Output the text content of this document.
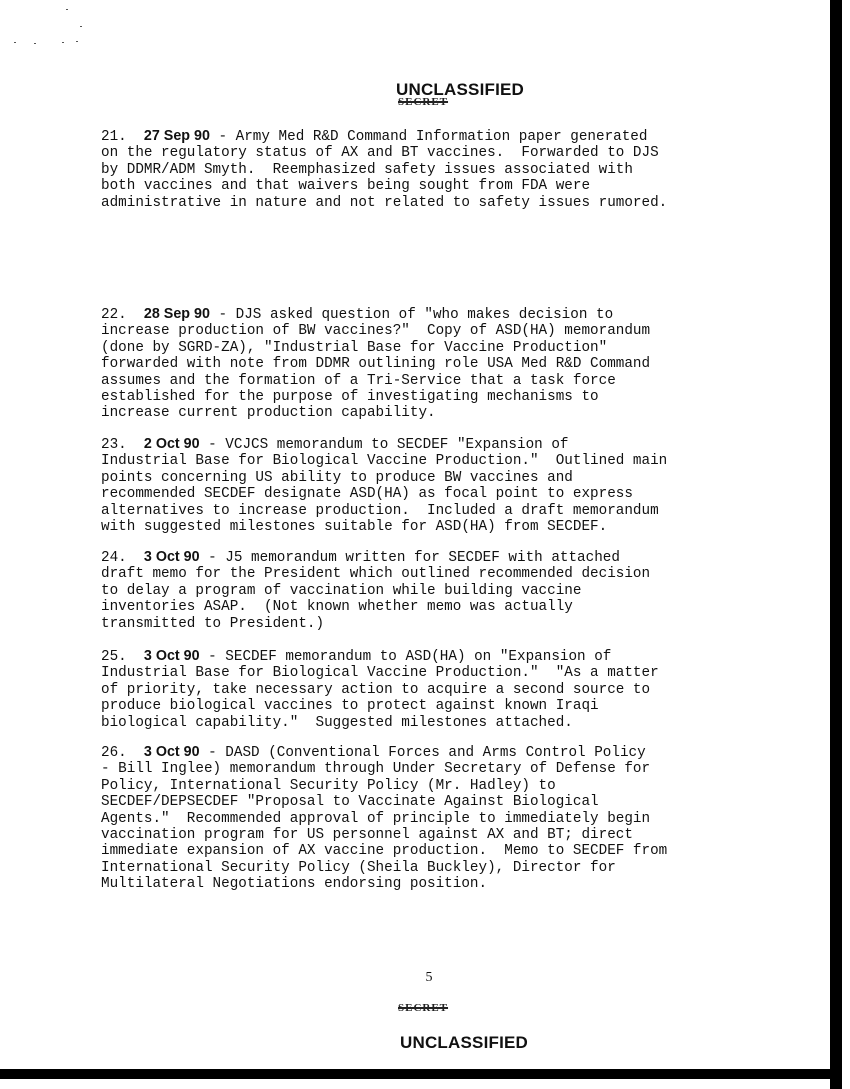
UNCLASSIFIED
SECRET
21. 27 Sep 90 - Army Med R&D Command Information paper generated
on the regulatory status of AX and BT vaccines.  Forwarded to DJS
by DDMR/ADM Smyth.  Reemphasized safety issues associated with
both vaccines and that waivers being sought from FDA were
administrative in nature and not related to safety issues rumored.
22. 28 Sep 90 - DJS asked question of "who makes decision to
increase production of BW vaccines?"  Copy of ASD(HA) memorandum
(done by SGRD-ZA), "Industrial Base for Vaccine Production"
forwarded with note from DDMR outlining role USA Med R&D Command
assumes and the formation of a Tri-Service that a task force
established for the purpose of investigating mechanisms to
increase current production capability.
23. 2 Oct 90 - VCJCS memorandum to SECDEF "Expansion of
Industrial Base for Biological Vaccine Production."  Outlined main
points concerning US ability to produce BW vaccines and
recommended SECDEF designate ASD(HA) as focal point to express
alternatives to increase production.  Included a draft memorandum
with suggested milestones suitable for ASD(HA) from SECDEF.
24. 3 Oct 90 - J5 memorandum written for SECDEF with attached
draft memo for the President which outlined recommended decision
to delay a program of vaccination while building vaccine
inventories ASAP.  (Not known whether memo was actually
transmitted to President.)
25. 3 Oct 90 - SECDEF memorandum to ASD(HA) on "Expansion of
Industrial Base for Biological Vaccine Production."  "As a matter
of priority, take necessary action to acquire a second source to
produce biological vaccines to protect against known Iraqi
biological capability."  Suggested milestones attached.
26. 3 Oct 90 - DASD (Conventional Forces and Arms Control Policy
- Bill Inglee) memorandum through Under Secretary of Defense for
Policy, International Security Policy (Mr. Hadley) to
SECDEF/DEPSECDEF "Proposal to Vaccinate Against Biological
Agents."  Recommended approval of principle to immediately begin
vaccination program for US personnel against AX and BT; direct
immediate expansion of AX vaccine production.  Memo to SECDEF from
International Security Policy (Sheila Buckley), Director for
Multilateral Negotiations endorsing position.
5
SECRET
UNCLASSIFIED
